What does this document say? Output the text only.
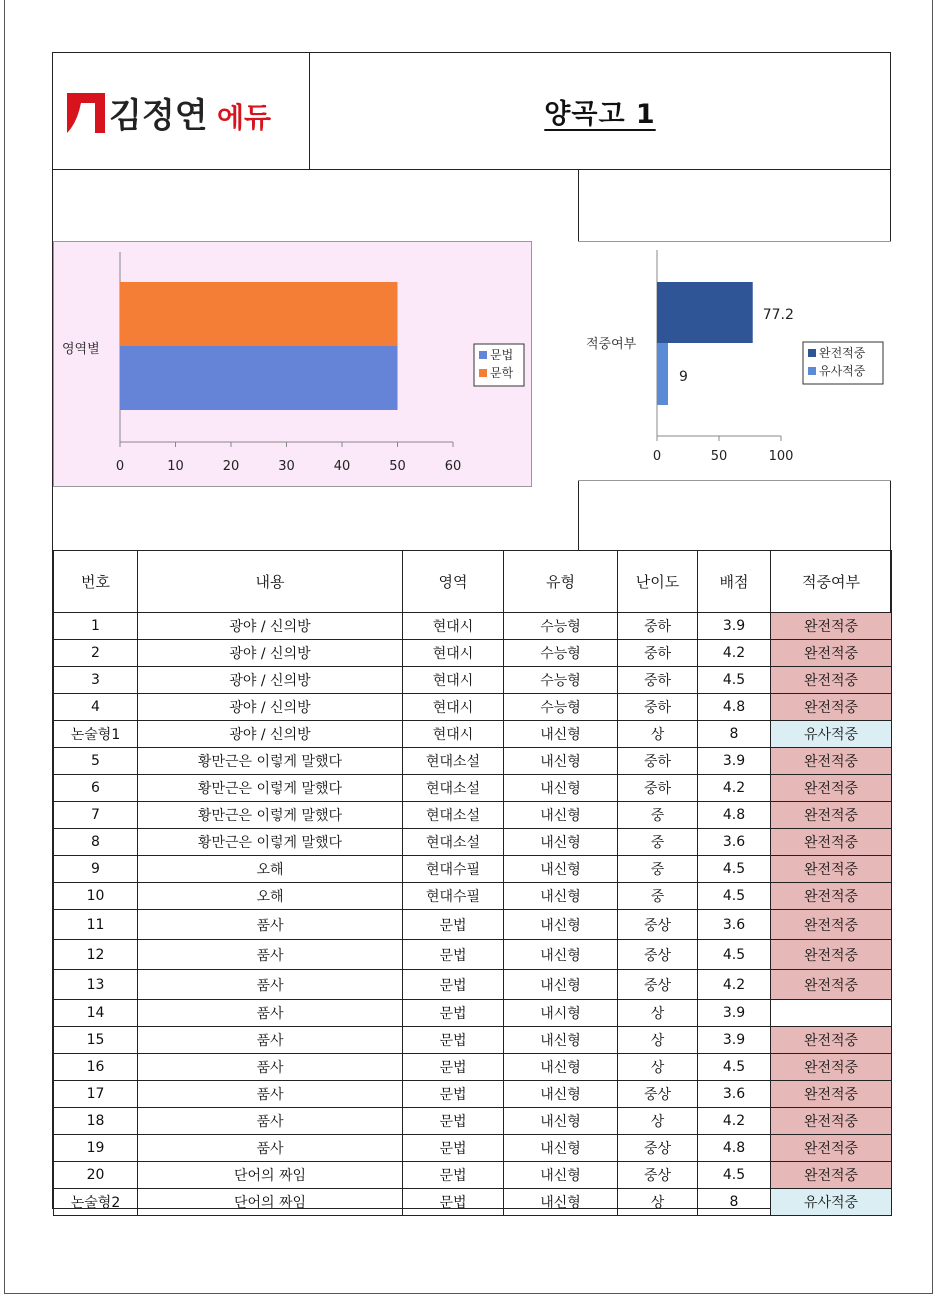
김정연 에듀	양곡고 1
0	10	20	30	40	50	60
영역별	문법
문학
0	50	100
77.2
9
적중여부
완전적중
유사적중
번호	내용	영역	유형	난이도	배점	적중여부
1	광야 / 신의방	현대시	수능형	중하	3.9	완전적중
2	광야 / 신의방	현대시	수능형	중하	4.2	완전적중
3	광야 / 신의방	현대시	수능형	중하	4.5	완전적중
4	광야 / 신의방	현대시	수능형	중하	4.8	완전적중
논술형1	광야 / 신의방	현대시	내신형	상	8	유사적중
5	황만근은 이렇게 말했다	현대소설	내신형	중하	3.9	완전적중
6	황만근은 이렇게 말했다	현대소설	내신형	중하	4.2	완전적중
7	황만근은 이렇게 말했다	현대소설	내신형	중	4.8	완전적중
8	황만근은 이렇게 말했다	현대소설	내신형	중	3.6	완전적중
9	오해	현대수필	내신형	중	4.5	완전적중
10	오해	현대수필	내신형	중	4.5	완전적중
11	품사	문법	내신형	중상	3.6	완전적중
12	품사	문법	내신형	중상	4.5	완전적중
13	품사	문법	내신형	중상	4.2	완전적중
14	품사	문법	내시형	상	3.9	
15	품사	문법	내신형	상	3.9	완전적중
16	품사	문법	내신형	상	4.5	완전적중
17	품사	문법	내신형	중상	3.6	완전적중
18	품사	문법	내신형	상	4.2	완전적중
19	품사	문법	내신형	중상	4.8	완전적중
20	단어의 짜임	문법	내신형	중상	4.5	완전적중
논술형2	단어의 짜임	문법	내신형	상	8	유사적중
